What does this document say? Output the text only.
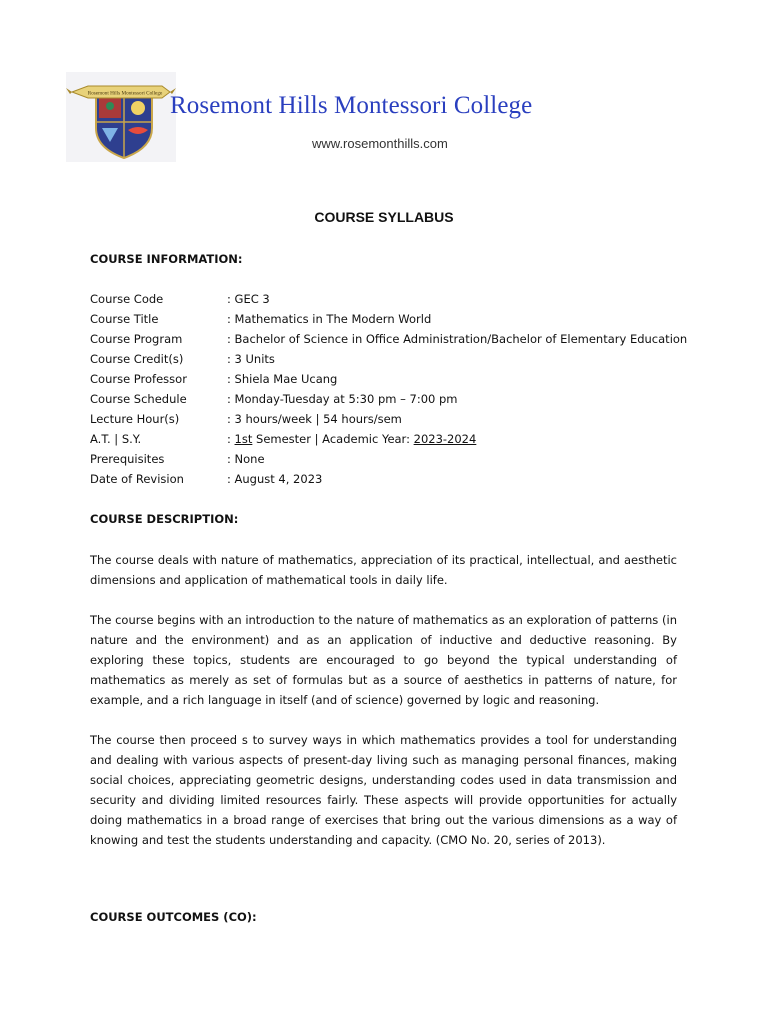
Rosemont Hills Montessori College Rosemont Hills Montessori College
www.rosemonthills.com
COURSE SYLLABUS
COURSE INFORMATION:
Course Code	: GEC 3
Course Title	: Mathematics in The Modern World
Course Program	: Bachelor of Science in Office Administration/Bachelor of Elementary Education
Course Credit(s)	: 3 Units
Course Professor	: Shiela Mae Ucang
Course Schedule	: Monday-Tuesday at 5:30 pm – 7:00 pm
Lecture Hour(s)	: 3 hours/week | 54 hours/sem
A.T. | S.Y.	: 1st Semester | Academic Year: 2023-2024
Prerequisites	: None
Date of Revision	: August 4, 2023
COURSE DESCRIPTION:

The course deals with nature of mathematics, appreciation of its practical, intellectual, and aesthetic dimensions and application of mathematical tools in daily life.

The course begins with an introduction to the nature of mathematics as an exploration of patterns (in nature and the environment) and as an application of inductive and deductive reasoning. By exploring these topics, students are encouraged to go beyond the typical understanding of mathematics as merely as set of formulas but as a source of aesthetics in patterns of nature, for example, and a rich language in itself (and of science) governed by logic and reasoning.

The course then proceed s to survey ways in which mathematics provides a tool for understanding and dealing with various aspects of present-day living such as managing personal finances, making social choices, appreciating geometric designs, understanding codes used in data transmission and security and dividing limited resources fairly. These aspects will provide opportunities for actually doing mathematics in a broad range of exercises that bring out the various dimensions as a way of knowing and test the students understanding and capacity. (CMO No. 20, series of 2013).

COURSE OUTCOMES (CO):
